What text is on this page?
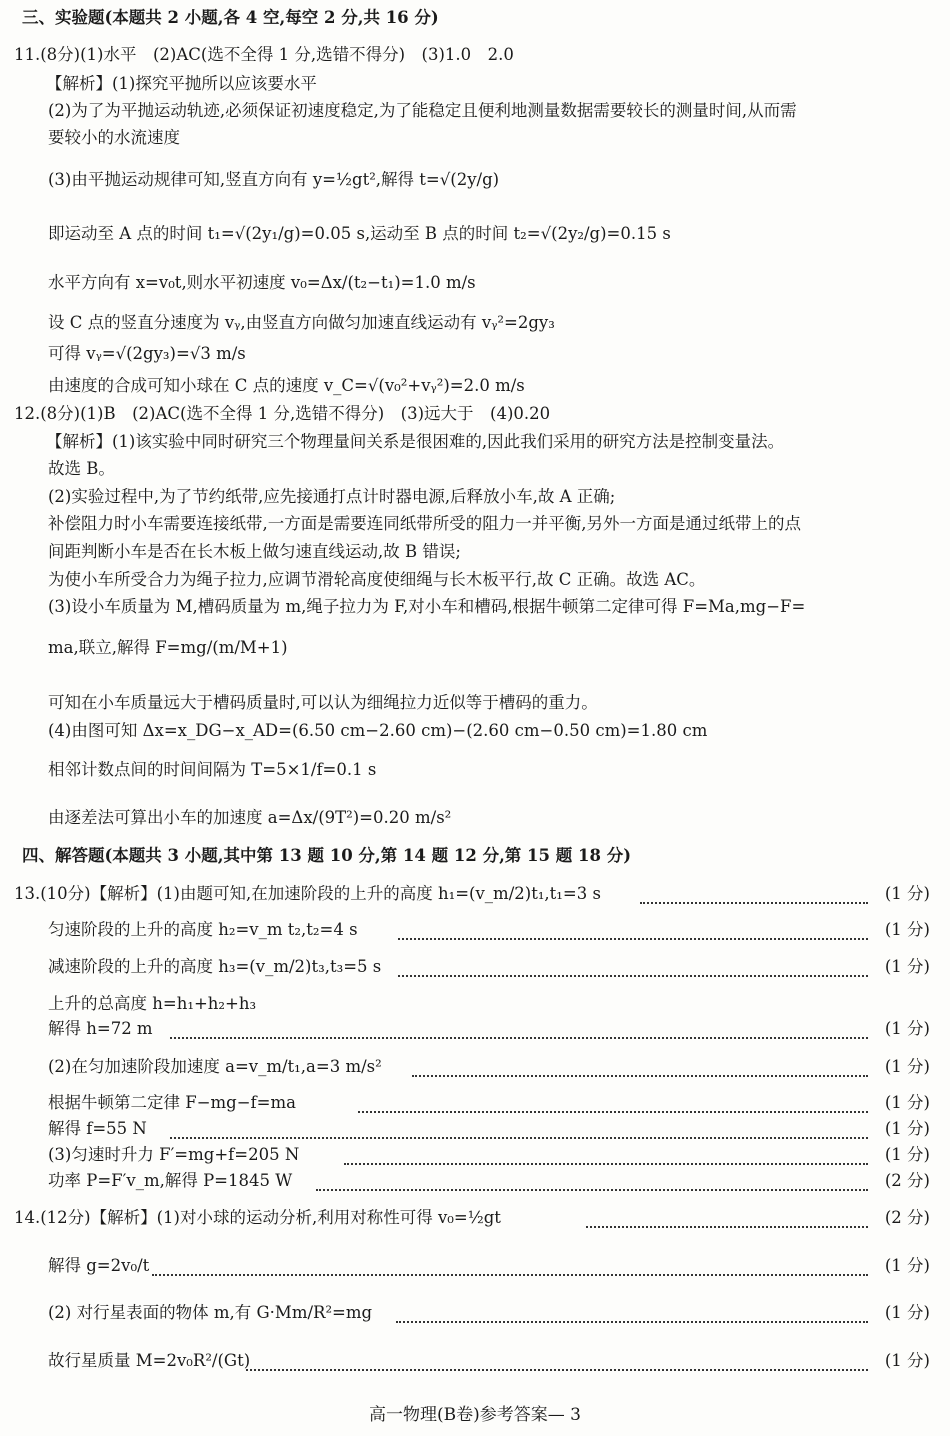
三、实验题(本题共 2 小题,各 4 空,每空 2 分,共 16 分)
11.(8分)(1)水平　(2)AC(选不全得 1 分,选错不得分)　(3)1.0　2.0
【解析】(1)探究平抛所以应该要水平
(2)为了为平抛运动轨迹,必须保证初速度稳定,为了能稳定且便利地测量数据需要较长的测量时间,从而需
要较小的水流速度
(3)由平抛运动规律可知,竖直方向有 y=½gt²,解得 t=√(2y/g)
即运动至 A 点的时间 t₁=√(2y₁/g)=0.05 s,运动至 B 点的时间 t₂=√(2y₂/g)=0.15 s
水平方向有 x=v₀t,则水平初速度 v₀=Δx/(t₂−t₁)=1.0 m/s
设 C 点的竖直分速度为 vᵧ,由竖直方向做匀加速直线运动有 vᵧ²=2gy₃
可得 vᵧ=√(2gy₃)=√3 m/s
由速度的合成可知小球在 C 点的速度 v_C=√(v₀²+vᵧ²)=2.0 m/s
12.(8分)(1)B　(2)AC(选不全得 1 分,选错不得分)　(3)远大于　(4)0.20
【解析】(1)该实验中同时研究三个物理量间关系是很困难的,因此我们采用的研究方法是控制变量法。
故选 B。
(2)实验过程中,为了节约纸带,应先接通打点计时器电源,后释放小车,故 A 正确;
补偿阻力时小车需要连接纸带,一方面是需要连同纸带所受的阻力一并平衡,另外一方面是通过纸带上的点
间距判断小车是否在长木板上做匀速直线运动,故 B 错误;
为使小车所受合力为绳子拉力,应调节滑轮高度使细绳与长木板平行,故 C 正确。故选 AC。
(3)设小车质量为 M,槽码质量为 m,绳子拉力为 F,对小车和槽码,根据牛顿第二定律可得 F=Ma,mg−F=
ma,联立,解得 F=mg/(m/M+1)
可知在小车质量远大于槽码质量时,可以认为细绳拉力近似等于槽码的重力。
(4)由图可知 Δx=x_DG−x_AD=(6.50 cm−2.60 cm)−(2.60 cm−0.50 cm)=1.80 cm
相邻计数点间的时间间隔为 T=5×1/f=0.1 s
由逐差法可算出小车的加速度 a=Δx/(9T²)=0.20 m/s²
四、解答题(本题共 3 小题,其中第 13 题 10 分,第 14 题 12 分,第 15 题 18 分)
13.(10分)【解析】(1)由题可知,在加速阶段的上升的高度 h₁=(v_m/2)t₁,t₁=3 s	(1 分)
匀速阶段的上升的高度 h₂=v_m t₂,t₂=4 s	(1 分)
减速阶段的上升的高度 h₃=(v_m/2)t₃,t₃=5 s	(1 分)
上升的总高度 h=h₁+h₂+h₃
解得 h=72 m	(1 分)
(2)在匀加速阶段加速度 a=v_m/t₁,a=3 m/s²	(1 分)
根据牛顿第二定律 F−mg−f=ma	(1 分)
解得 f=55 N	(1 分)
(3)匀速时升力 F′=mg+f=205 N	(1 分)
功率 P=F′v_m,解得 P=1845 W	(2 分)
14.(12分)【解析】(1)对小球的运动分析,利用对称性可得 v₀=½gt	(2 分)
解得 g=2v₀/t	(1 分)
(2) 对行星表面的物体 m,有 G·Mm/R²=mg	(1 分)
故行星质量 M=2v₀R²/(Gt)	(1 分)
高一物理(B卷)参考答案— 3
